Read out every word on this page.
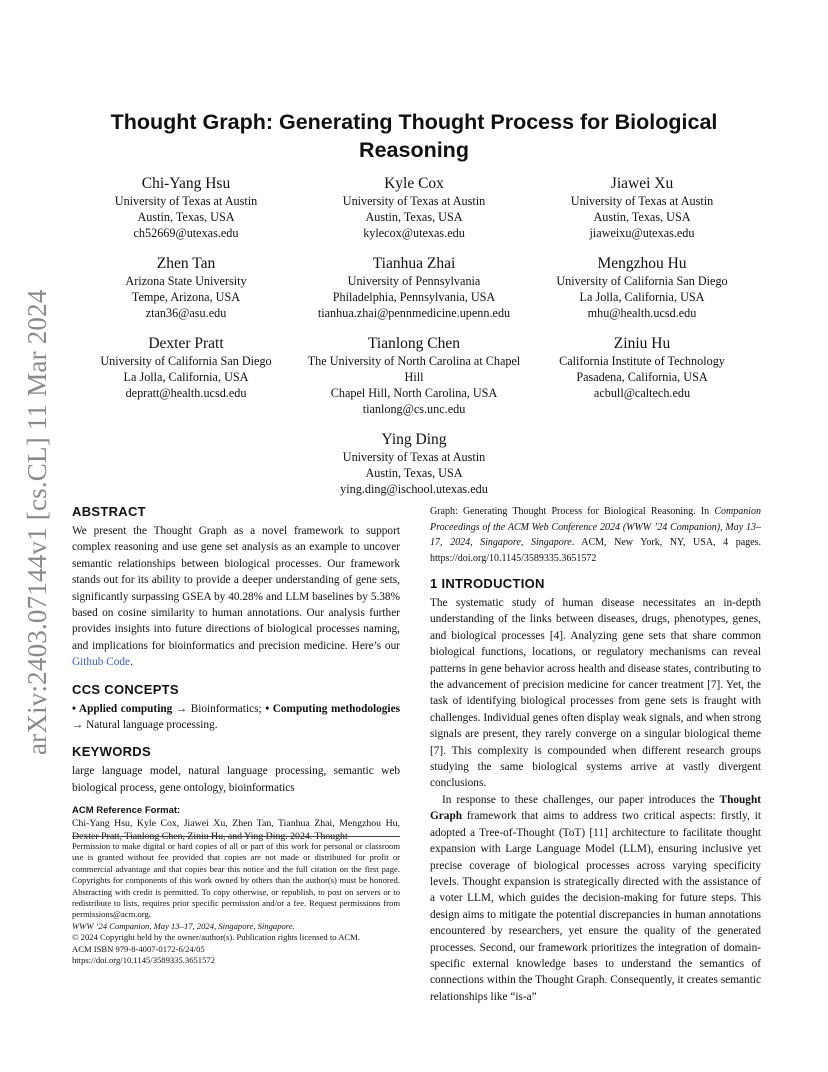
arXiv:2403.07144v1 [cs.CL] 11 Mar 2024
Thought Graph: Generating Thought Process for Biological Reasoning
Chi-Yang Hsu
University of Texas at Austin
Austin, Texas, USA
ch52669@utexas.edu
Kyle Cox
University of Texas at Austin
Austin, Texas, USA
kylecox@utexas.edu
Jiawei Xu
University of Texas at Austin
Austin, Texas, USA
jiaweixu@utexas.edu
Zhen Tan
Arizona State University
Tempe, Arizona, USA
ztan36@asu.edu
Tianhua Zhai
University of Pennsylvania
Philadelphia, Pennsylvania, USA
tianhua.zhai@pennmedicine.upenn.edu
Mengzhou Hu
University of California San Diego
La Jolla, California, USA
mhu@health.ucsd.edu
Dexter Pratt
University of California San Diego
La Jolla, California, USA
depratt@health.ucsd.edu
Tianlong Chen
The University of North Carolina at Chapel Hill
Chapel Hill, North Carolina, USA
tianlong@cs.unc.edu
Ziniu Hu
California Institute of Technology
Pasadena, California, USA
acbull@caltech.edu
Ying Ding
University of Texas at Austin
Austin, Texas, USA
ying.ding@ischool.utexas.edu
ABSTRACT

We present the Thought Graph as a novel framework to support complex reasoning and use gene set analysis as an example to uncover semantic relationships between biological processes. Our framework stands out for its ability to provide a deeper understanding of gene sets, significantly surpassing GSEA by 40.28% and LLM baselines by 5.38% based on cosine similarity to human annotations. Our analysis further provides insights into future directions of biological processes naming, and implications for bioinformatics and precision medicine. Here’s our Github Code.

CCS CONCEPTS

• Applied computing → Bioinformatics; • Computing methodologies → Natural language processing.

KEYWORDS

large language model, natural language processing, semantic web biological process, gene ontology, bioinformatics

ACM Reference Format:

Chi-Yang Hsu, Kyle Cox, Jiawei Xu, Zhen Tan, Tianhua Zhai, Mengzhou Hu, Dexter Pratt, Tianlong Chen, Ziniu Hu, and Ying Ding. 2024. Thought

Permission to make digital or hard copies of all or part of this work for personal or classroom use is granted without fee provided that copies are not made or distributed for profit or commercial advantage and that copies bear this notice and the full citation on the first page. Copyrights for components of this work owned by others than the author(s) must be honored. Abstracting with credit is permitted. To copy otherwise, or republish, to post on servers or to redistribute to lists, requires prior specific permission and/or a fee. Request permissions from permissions@acm.org.

WWW ’24 Companion, May 13–17, 2024, Singapore, Singapore.

© 2024 Copyright held by the owner/author(s). Publication rights licensed to ACM.

ACM ISBN 979-8-4007-0172-6/24/05

https://doi.org/10.1145/3589335.3651572

Graph: Generating Thought Process for Biological Reasoning. In Companion Proceedings of the ACM Web Conference 2024 (WWW ’24 Companion), May 13–17, 2024, Singapore, Singapore. ACM, New York, NY, USA, 4 pages. https://doi.org/10.1145/3589335.3651572

1 INTRODUCTION

The systematic study of human disease necessitates an in-depth understanding of the links between diseases, drugs, phenotypes, genes, and biological processes [4]. Analyzing gene sets that share common biological functions, locations, or regulatory mechanisms can reveal patterns in gene behavior across health and disease states, contributing to the advancement of precision medicine for cancer treatment [7]. Yet, the task of identifying biological processes from gene sets is fraught with challenges. Individual genes often display weak signals, and when strong signals are present, they rarely converge on a singular biological theme [7]. This complexity is compounded when different research groups studying the same biological systems arrive at vastly divergent conclusions.

In response to these challenges, our paper introduces the Thought Graph framework that aims to address two critical aspects: firstly, it adopted a Tree-of-Thought (ToT) [11] architecture to facilitate thought expansion with Large Language Model (LLM), ensuring inclusive yet precise coverage of biological processes across varying specificity levels. Thought expansion is strategically directed with the assistance of a voter LLM, which guides the decision-making for future steps. This design aims to mitigate the potential discrepancies in human annotations encountered by researchers, yet ensure the quality of the generated processes. Second, our framework prioritizes the integration of domain-specific external knowledge bases to understand the semantics of connections within the Thought Graph. Consequently, it creates semantic relationships like “is-a”
